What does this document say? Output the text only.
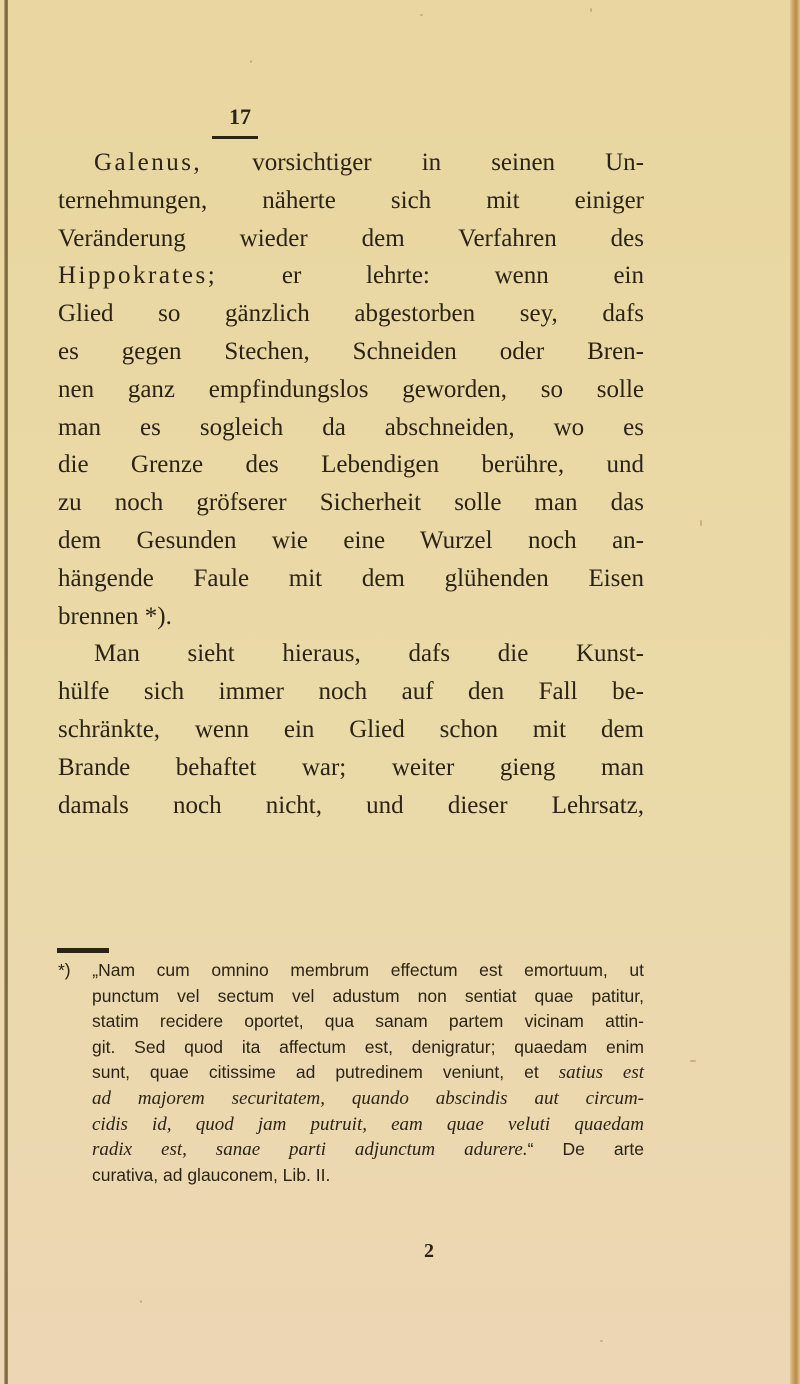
17
Galenus, vorsichtiger in seinen Un-
ternehmungen, näherte sich mit einiger
Veränderung wieder dem Verfahren des
Hippokrates; er lehrte: wenn ein
Glied so gänzlich abgestorben sey, dafs
es gegen Stechen, Schneiden oder Bren-
nen ganz empfindungslos geworden, so solle
man es sogleich da abschneiden, wo es
die Grenze des Lebendigen berühre, und
zu noch gröfserer Sicherheit solle man das
dem Gesunden wie eine Wurzel noch an-
hängende Faule mit dem glühenden Eisen
brennen *).
Man sieht hieraus, dafs die Kunst-
hülfe sich immer noch auf den Fall be-
schränkte, wenn ein Glied schon mit dem
Brande behaftet war; weiter gieng man
damals noch nicht, und dieser Lehrsatz,
*) „Nam cum omnino membrum effectum est emortuum, ut
punctum vel sectum vel adustum non sentiat quae patitur,
statim recidere oportet, qua sanam partem vicinam attin-
git. Sed quod ita affectum est, denigratur; quaedam enim
sunt, quae citissime ad putredinem veniunt, et satius est
ad majorem securitatem, quando abscindis aut circum-
cidis id, quod jam putruit, eam quae veluti quaedam
radix est, sanae parti adjunctum adurere.“ De arte
curativa, ad glauconem, Lib. II.
2
